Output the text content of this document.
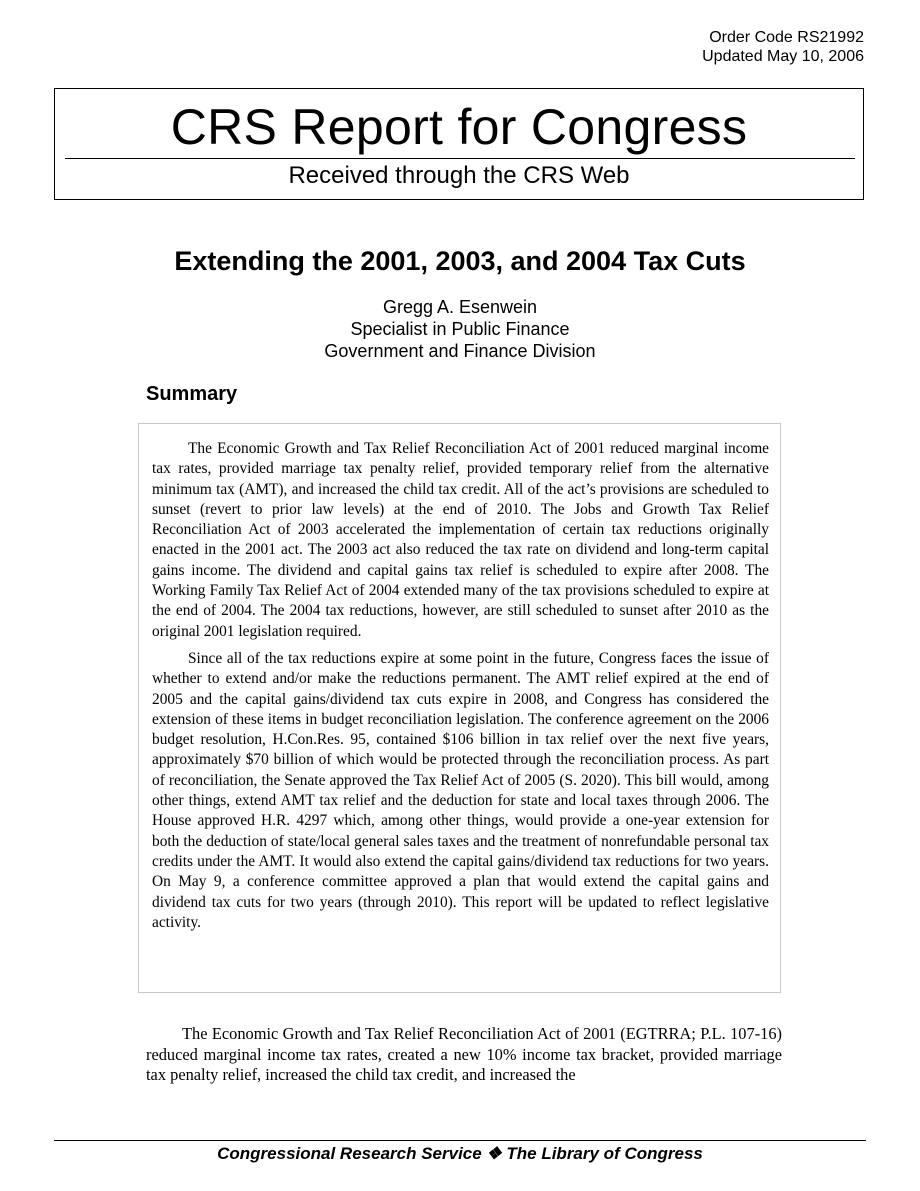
Order Code RS21992
Updated May 10, 2006
CRS Report for Congress
Received through the CRS Web
Extending the 2001, 2003, and 2004 Tax Cuts
Gregg A. Esenwein
Specialist in Public Finance
Government and Finance Division
Summary

The Economic Growth and Tax Relief Reconciliation Act of 2001 reduced marginal income tax rates, provided marriage tax penalty relief, provided temporary relief from the alternative minimum tax (AMT), and increased the child tax credit. All of the act’s provisions are scheduled to sunset (revert to prior law levels) at the end of 2010. The Jobs and Growth Tax Relief Reconciliation Act of 2003 accelerated the implementation of certain tax reductions originally enacted in the 2001 act. The 2003 act also reduced the tax rate on dividend and long-term capital gains income. The dividend and capital gains tax relief is scheduled to expire after 2008. The Working Family Tax Relief Act of 2004 extended many of the tax provisions scheduled to expire at the end of 2004. The 2004 tax reductions, however, are still scheduled to sunset after 2010 as the original 2001 legislation required.

Since all of the tax reductions expire at some point in the future, Congress faces the issue of whether to extend and/or make the reductions permanent. The AMT relief expired at the end of 2005 and the capital gains/dividend tax cuts expire in 2008, and Congress has considered the extension of these items in budget reconciliation legislation. The conference agreement on the 2006 budget resolution, H.Con.Res. 95, contained $106 billion in tax relief over the next five years, approximately $70 billion of which would be protected through the reconciliation process. As part of reconciliation, the Senate approved the Tax Relief Act of 2005 (S. 2020). This bill would, among other things, extend AMT tax relief and the deduction for state and local taxes through 2006. The House approved H.R. 4297 which, among other things, would provide a one-year extension for both the deduction of state/local general sales taxes and the treatment of nonrefundable personal tax credits under the AMT. It would also extend the capital gains/dividend tax reductions for two years. On May 9, a conference committee approved a plan that would extend the capital gains and dividend tax cuts for two years (through 2010). This report will be updated to reflect legislative activity.

The Economic Growth and Tax Relief Reconciliation Act of 2001 (EGTRRA; P.L. 107-16) reduced marginal income tax rates, created a new 10% income tax bracket, provided marriage tax penalty relief, increased the child tax credit, and increased the

Congressional Research Service ❖ The Library of Congress
